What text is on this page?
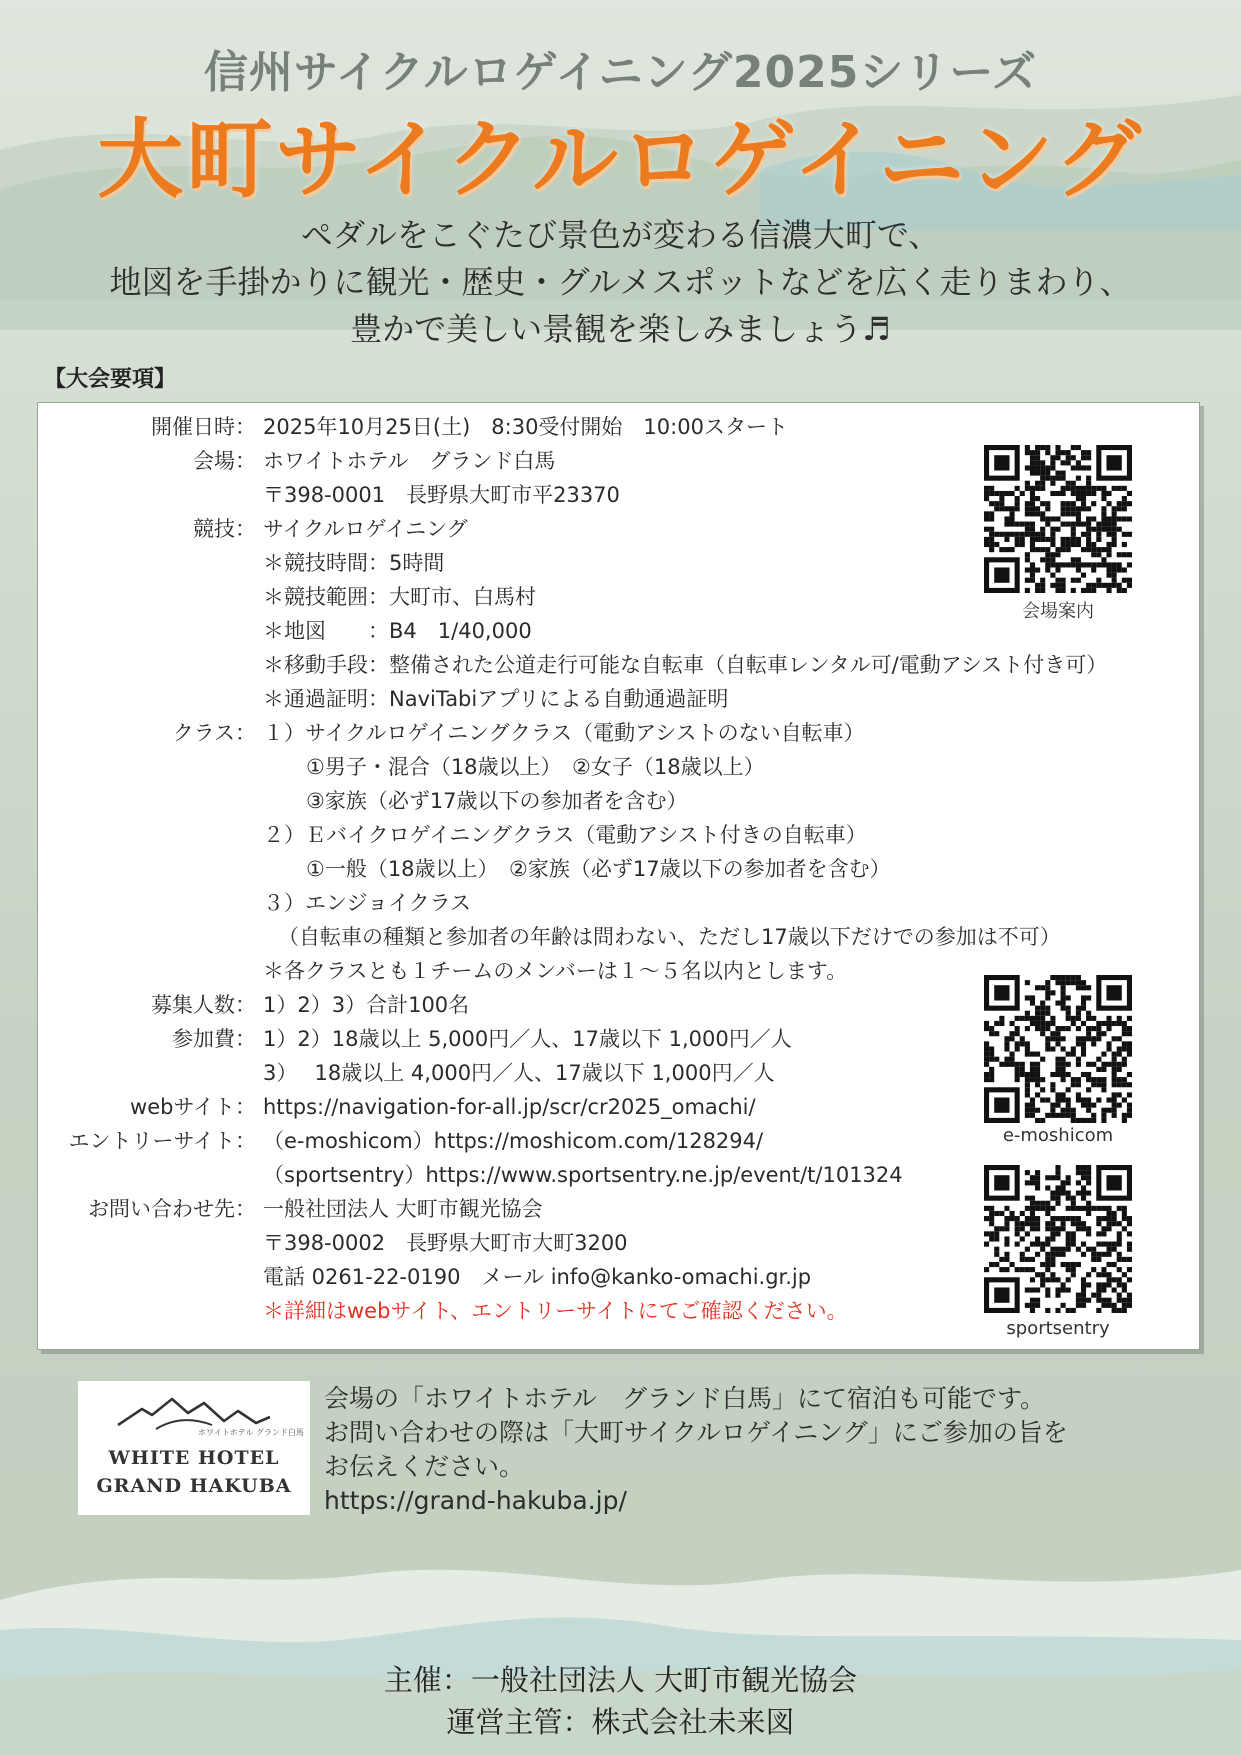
信州サイクルロゲイニング2025シリーズ
大町サイクルロゲイニング
ペダルをこぐたび景色が変わる信濃大町で、
地図を手掛かりに観光・歴史・グルメスポットなどを広く走りまわり、
豊かで美しい景観を楽しみましょう♬
【大会要項】
開催日時： 2025年10月25日(土)　8:30受付開始　10:00スタート
会場： ホワイトホテル　グランド白馬
〒398-0001　長野県大町市平23370
競技： サイクルロゲイニング
＊競技時間：5時間
＊競技範囲：大町市、白馬村
＊地図　　：B4　1/40,000
＊移動手段：整備された公道走行可能な自転車（自転車レンタル可/電動アシスト付き可）
＊通過証明：NaviTabiアプリによる自動通過証明
クラス： １）サイクルロゲイニングクラス（電動アシストのない自転車）
①男子・混合（18歳以上）　②女子（18歳以上）
③家族（必ず17歳以下の参加者を含む）
２）Ｅバイクロゲイニングクラス（電動アシスト付きの自転車）
①一般（18歳以上）　②家族（必ず17歳以下の参加者を含む）
３）エンジョイクラス
（自転車の種類と参加者の年齢は問わない、ただし17歳以下だけでの参加は不可）
＊各クラスとも１チームのメンバーは１～５名以内とします。
募集人数： 1）2）3）合計100名
参加費： 1）2）18歳以上 5,000円／人、17歳以下 1,000円／人
3）　 18歳以上 4,000円／人、17歳以下 1,000円／人
webサイト： https://navigation-for-all.jp/scr/cr2025_omachi/
エントリーサイト： （e-moshicom）https://moshicom.com/128294/
（sportsentry）https://www.sportsentry.ne.jp/event/t/101324
お問い合わせ先： 一般社団法人 大町市観光協会
〒398-0002　長野県大町市大町3200
電話 0261-22-0190　メール info@kanko-omachi.gr.jp
＊詳細はwebサイト、エントリーサイトにてご確認ください。
会場案内
e-moshicom
sportsentry
ホワイトホテル グランド白馬
WHITE HOTEL
GRAND HAKUBA
会場の「ホワイトホテル　グランド白馬」にて宿泊も可能です。
お問い合わせの際は「大町サイクルロゲイニング」にご参加の旨を
お伝えください。
https://grand-hakuba.jp/
主催：一般社団法人 大町市観光協会
運営主管：株式会社未来図
